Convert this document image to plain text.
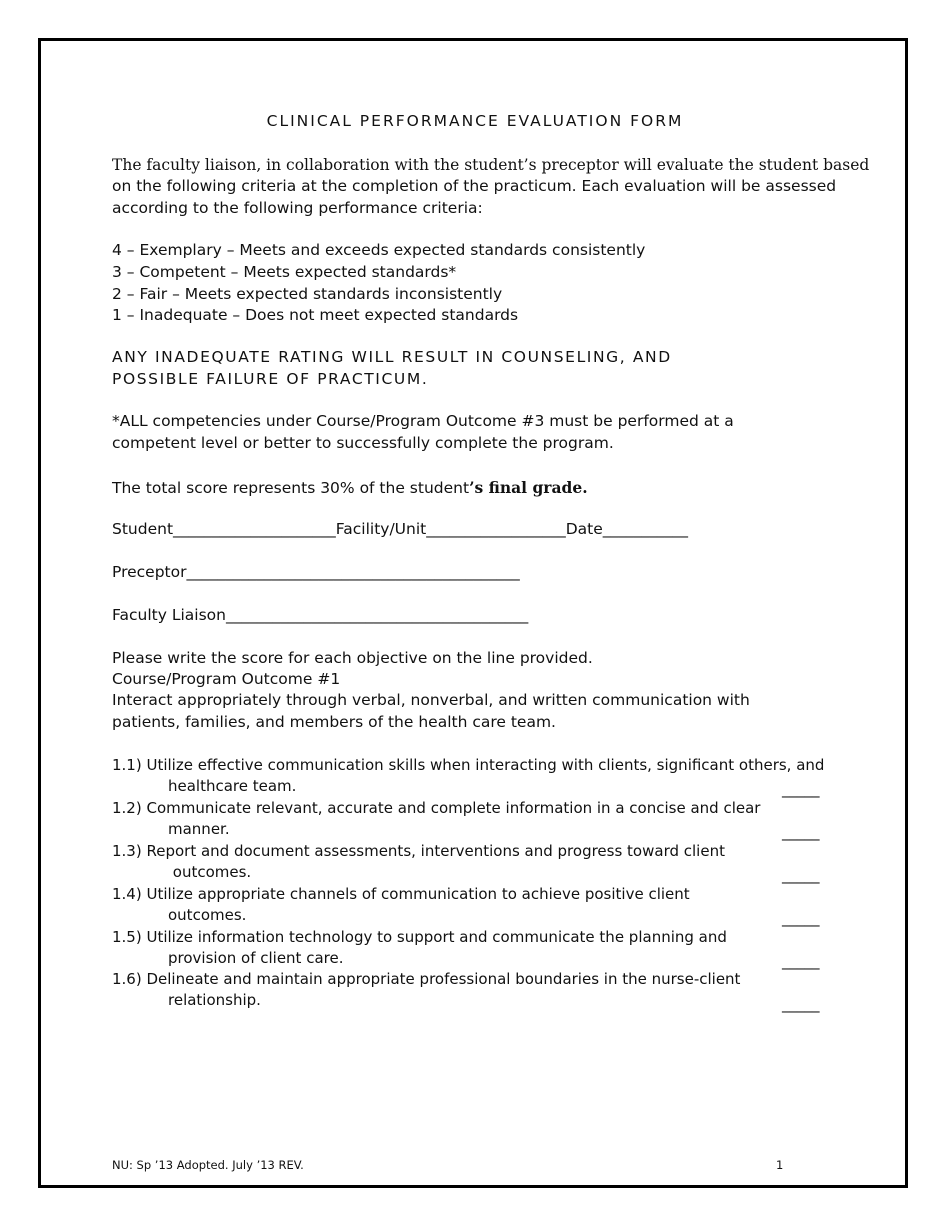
CLINICAL PERFORMANCE EVALUATION FORM
The faculty liaison, in collaboration with the student’s preceptor will evaluate the student based
on the following criteria at the completion of the practicum. Each evaluation will be assessed
according to the following performance criteria:
4 – Exemplary – Meets and exceeds expected standards consistently
3 – Competent – Meets expected standards*
2 – Fair – Meets expected standards inconsistently
1 – Inadequate – Does not meet expected standards
ANY INADEQUATE RATING WILL RESULT IN COUNSELING, AND
POSSIBLE FAILURE OF PRACTICUM.
*ALL competencies under Course/Program Outcome #3 must be performed at a
competent level or better to successfully complete the program.
The total score represents 30% of the student’s final grade.
Student_____________________Facility/Unit__________________Date___________
Preceptor___________________________________________
Faculty Liaison_______________________________________
Please write the score for each objective on the line provided.
Course/Program Outcome #1
Interact appropriately through verbal, nonverbal, and written communication with
patients, families, and members of the health care team.
1.1) Utilize effective communication skills when interacting with clients, significant others, and
healthcare team.	_____
1.2) Communicate relevant, accurate and complete information in a concise and clear
manner.	_____
1.3) Report and document assessments, interventions and progress toward client
outcomes.	_____
1.4) Utilize appropriate channels of communication to achieve positive client
outcomes.	_____
1.5) Utilize information technology to support and communicate the planning and
provision of client care.	_____
1.6) Delineate and maintain appropriate professional boundaries in the nurse-client
relationship.	_____
NU: Sp ’13 Adopted. July ’13 REV.	1
